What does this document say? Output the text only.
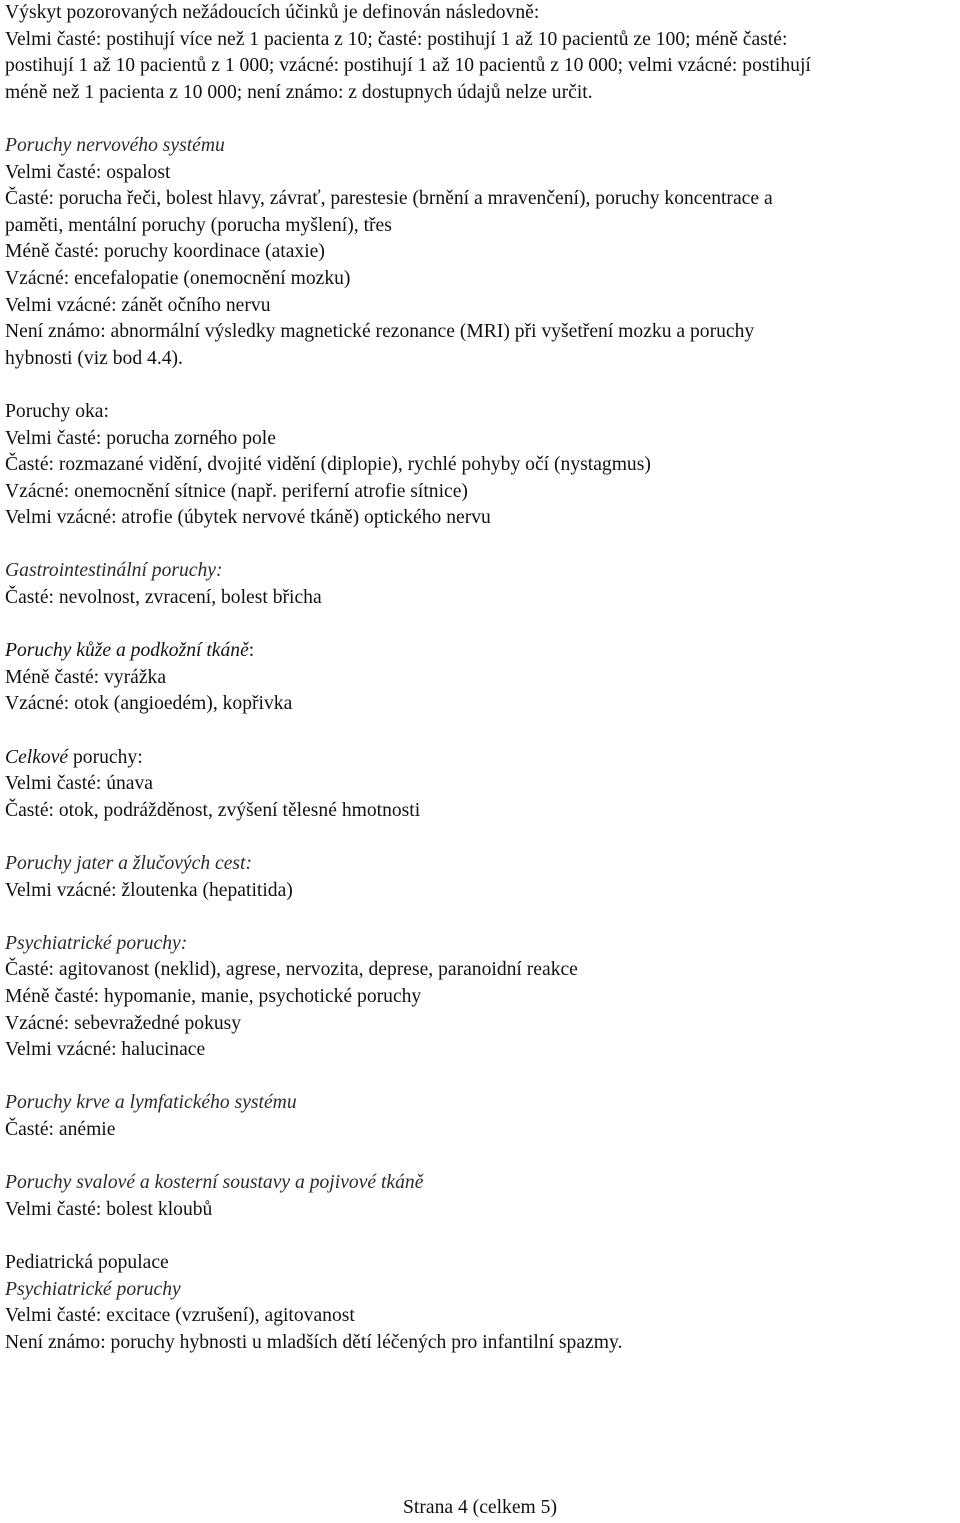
Výskyt pozorovaných nežádoucích účinků je definován následovně:
Velmi časté: postihují více než 1 pacienta z 10; časté: postihují 1 až 10 pacientů ze 100; méně časté:
postihují 1 až 10 pacientů z 1 000; vzácné: postihují 1 až 10 pacientů z 10 000; velmi vzácné: postihují
méně než 1 pacienta z 10 000; není známo: z dostupnych údajů nelze určit.
Poruchy nervového systému
Velmi časté: ospalost
Časté: porucha řeči, bolest hlavy, závrať, parestesie (brnění a mravenčení), poruchy koncentrace a
paměti, mentální poruchy (porucha myšlení), třes
Méně časté: poruchy koordinace (ataxie)
Vzácné: encefalopatie (onemocnění mozku)
Velmi vzácné: zánět očního nervu
Není známo: abnormální výsledky magnetické rezonance (MRI) při vyšetření mozku a poruchy
hybnosti (viz bod 4.4).
Poruchy oka:
Velmi časté: porucha zorného pole
Časté: rozmazané vidění, dvojité vidění (diplopie), rychlé pohyby očí (nystagmus)
Vzácné: onemocnění sítnice (např. periferní atrofie sítnice)
Velmi vzácné: atrofie (úbytek nervové tkáně) optického nervu
Gastrointestinální poruchy:
Časté: nevolnost, zvracení, bolest břicha
Poruchy kůže a podkožní tkáně:
Méně časté: vyrážka
Vzácné: otok (angioedém), kopřivka
Celkové poruchy:
Velmi časté: únava
Časté: otok, podrážděnost, zvýšení tělesné hmotnosti
Poruchy jater a žlučových cest:
Velmi vzácné: žloutenka (hepatitida)
Psychiatrické poruchy:
Časté: agitovanost (neklid), agrese, nervozita, deprese, paranoidní reakce
Méně časté: hypomanie, manie, psychotické poruchy
Vzácné: sebevražedné pokusy
Velmi vzácné: halucinace
Poruchy krve a lymfatického systému
Časté: anémie
Poruchy svalové a kosterní soustavy a pojivové tkáně
Velmi časté: bolest kloubů
Pediatrická populace
Psychiatrické poruchy
Velmi časté: excitace (vzrušení), agitovanost
Není známo: poruchy hybnosti u mladších dětí léčených pro infantilní spazmy.
Strana 4 (celkem 5)
